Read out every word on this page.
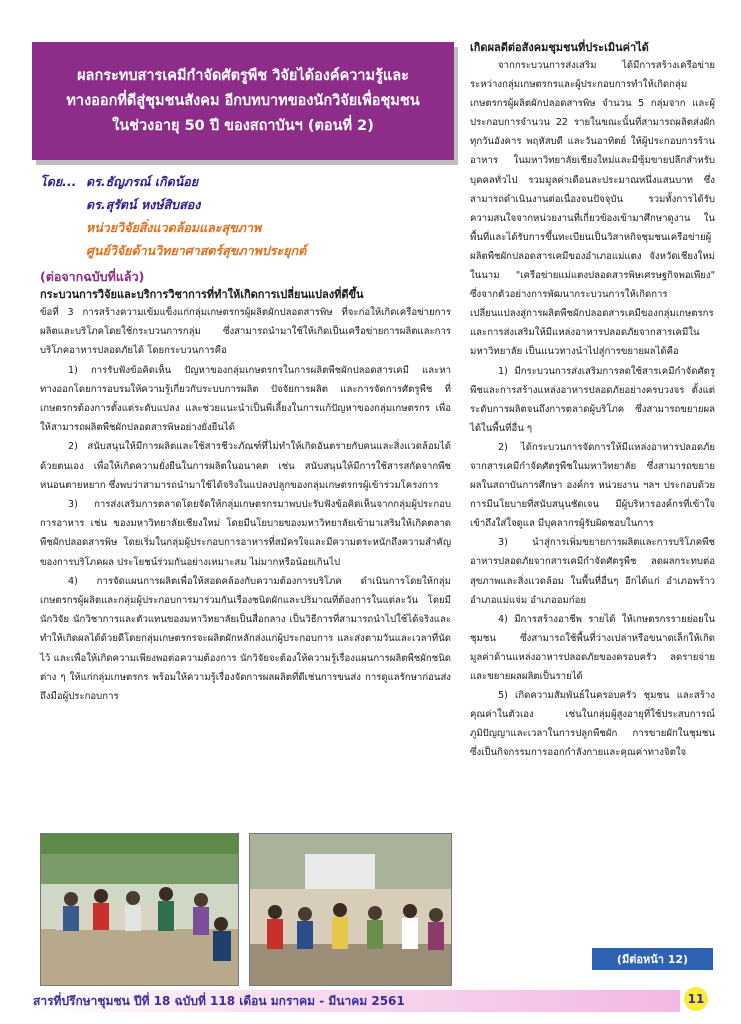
ผลกระทบสารเคมีกำจัดศัตรูพืช วิจัยได้องค์ความรู้และ
ทางออกที่ดีสู่ชุมชนสังคม อีกบทบาทของนักวิจัยเพื่อชุมชน
ในช่วงอายุ 50 ปี ของสถาบันฯ (ตอนที่ 2)
โดย... ดร.ธัญภรณ์ เกิดน้อย
ดร.สุรัตน์ หงษ์สิบสอง
หน่วยวิจัยสิ่งแวดล้อมและสุขภาพ
ศูนย์วิจัยด้านวิทยาศาสตร์สุขภาพประยุกต์
(ต่อจากฉบับที่แล้ว)
กระบวนการวิจัยและบริการวิชาการที่ทำให้เกิดการเปลี่ยนแปลงที่ดีขึ้น

ข้อที่ 3 การสร้างความเข้มแข็งแก่กลุ่มเกษตรกรผู้ผลิตผักปลอดสารพิษ ที่จะก่อให้เกิดเครือข่ายการผลิตและบริโภคโดยใช้กระบวนการกลุ่ม ซึ่งสามารถนำมาใช้ให้เกิดเป็นเครือข่ายการผลิตและการบริโภคอาหารปลอดภัยได้ โดยกระบวนการคือ

1) การรับฟังข้อคิดเห็น ปัญหาของกลุ่มเกษตรกรในการผลิตพืชผักปลอดสารเคมี และหาทางออกโดยการอบรมให้ความรู้เกี่ยวกับระบบการผลิต ปัจจัยการผลิต และการจัดการศัตรูพืช ที่เกษตรกรต้องการตั้งแต่ระดับแปลง และช่วยแนะนำเป็นพี่เลี้ยงในการแก้ปัญหาของกลุ่มเกษตรกร เพื่อให้สามารถผลิตพืชผักปลอดสารพิษอย่างยั่งยืนได้

2) สนับสนุนให้มีการผลิตและใช้สารชีวะภัณฑ์ที่ไม่ทำให้เกิดอันตรายกับคนและสิ่งแวดล้อมได้ด้วยตนเอง เพื่อให้เกิดความยั่งยืนในการผลิตในอนาคต เช่น สนับสนุนให้มีการใช้สารสกัดจากพืชหนอนตายหยาก ซึ่งพบว่าสามารถนำมาใช้ได้จริงในแปลงปลูกของกลุ่มเกษตรกรผู้เข้าร่วมโครงการ

3) การส่งเสริมการตลาดโดยจัดให้กลุ่มเกษตรกรมาพบปะรับฟังข้อคิดเห็นจากกลุ่มผู้ประกอบการอาหาร เช่น ของมหาวิทยาลัยเชียงใหม่ โดยมีนโยบายของมหาวิทยาลัยเข้ามาเสริมให้เกิดตลาดพืชผักปลอดสารพิษ โดยเริ่มในกลุ่มผู้ประกอบการอาหารที่สมัครใจและมีความตระหนักถึงความสำคัญของการบริโภคผล ประโยชน์ร่วมกันอย่างเหมาะสม ไม่มากหรือน้อยเกินไป

4) การจัดแผนการผลิตเพื่อให้สอดคล้องกับความต้องการบริโภค ดำเนินการโดยให้กลุ่มเกษตรกรผู้ผลิตและกลุ่มผู้ประกอบการมาร่วมกันเรื่องชนิดผักและปริมาณที่ต้องการในแต่ละวัน โดยมีนักวิจัย นักวิชาการและตัวแทนของมหาวิทยาลัยเป็นสื่อกลาง เป็นวิธีการที่สามารถนำไปใช้ได้จริงและ ทำให้เกิดผลได้ด้วยดีโดยกลุ่มเกษตรกรจะผลิตผักหลักส่งแก่ผู้ประกอบการ และส่งตามวันและเวลาที่นัดไว้ และเพื่อให้เกิดความเพียงพอต่อความต้องการ นักวิจัยจะต้องให้ความรู้เรื่องแผนการผลิตพืชผักชนิดต่าง ๆ ให้แก่กลุ่มเกษตรกร พร้อมให้ความรู้เรื่องจัดการผลผลิตที่ดีเช่นการขนส่ง การดูแลรักษาก่อนส่งถึงมือผู้ประกอบการ

เกิดผลดีต่อสังคมชุมชนที่ประเมินค่าได้

จากกระบวนการส่งเสริม ได้มีการสร้างเครือข่ายระหว่างกลุ่มเกษตรกรและผู้ประกอบการทำให้เกิดกลุ่มเกษตรกรผู้ผลิตผักปลอดสารพิษ จำนวน 5 กลุ่มจาก และผู้ประกอบการจำนวน 22 รายในขณะนั้นที่สามารถผลิตส่งผักทุกวันอังคาร พฤหัสบดี และวันอาทิตย์ ให้ผู้ประกอบการร้านอาหาร ในมหาวิทยาลัยเชียงใหม่และมีซุ้มขายปลีกสำหรับบุคคลทั่วไป รวมมูลค่าเดือนละประมาณหนึ่งแสนบาท ซึ่งสามารถดำเนินงานต่อเนื่องจนปัจจุบัน รวมทั้งการได้รับความสนใจจากหน่วยงานที่เกี่ยวข้องเข้ามาศึกษาดูงาน ในพื้นที่และได้รับการขึ้นทะเบียนเป็นวิสาหกิจชุมชนเครือข่ายผู้ผลิตพืชผักปลอดสารเคมีของอำเภอแม่แตง จังหวัดเชียงใหม่ในนาม "เครือข่ายแม่แตงปลอดสารพิษเศรษฐกิจพอเพียง" ซึ่งจากตัวอย่างการพัฒนากระบวนการให้เกิดการเปลี่ยนแปลงสู่การผลิตพืชผักปลอดสารเคมีของกลุ่มเกษตรกรและการส่งเสริมให้มีแหล่งอาหารปลอดภัยจากสารเคมีในมหาวิทยาลัย เป็นแนวทางนำไปสู่การขยายผลได้คือ

1) มีกระบวนการส่งเสริมการลดใช้สารเคมีกำจัดศัตรูพืชและการสร้างแหล่งอาหารปลอดภัยอย่างครบวงจร ตั้งแต่ระดับการผลิตจนถึงการตลาดผู้บริโภค ซึ่งสามารถขยายผลได้ในพื้นที่อื่น ๆ

2) ได้กระบวนการจัดการให้มีแหล่งอาหารปลอดภัยจากสารเคมีกำจัดศัตรูพืชในมหาวิทยาลัย ซึ่งสามารถขยายผลในสถาบันการศึกษา องค์กร หน่วยงาน ฯลฯ ประกอบด้วยการมีนโยบายที่สนับสนุนชัดเจน มีผู้บริหารองค์กรที่เข้าใจเข้าถึงใส่ใจดูแล มีบุคลากรผู้รับผิดชอบในการ

3) นำสู่การเพิ่มขยายการผลิตและการบริโภคพืชอาหารปลอดภัยจากสารเคมีกำจัดศัตรูพืช ลดผลกระทบต่อสุขภาพและสิ่งแวดล้อม ในพื้นที่อื่นๆ อีกได้แก่ อำเภอพร้าว อำเภอแม่แจ่ม อำเภออมก๋อย

4) มีการสร้างอาชีพ รายได้ ให้เกษตรกรรายย่อยในชุมชน ซึ่งสามารถใช้พื้นที่ว่างเปล่าหรือขนาดเล็กให้เกิดมูลค่าด้านแหล่งอาหารปลอดภัยของครอบครัว ลดรายจ่ายและขยายผลผลิตเป็นรายได้

5) เกิดความสัมพันธ์ในครอบครัว ชุมชน และสร้างคุณค่าในตัวเอง เช่นในกลุ่มผู้สูงอายุที่ใช้ประสบการณ์ ภูมิปัญญาและเวลาในการปลูกพืชผัก การขายผักในชุมชน ซึ่งเป็นกิจกรรมการออกกำลังกายและคุณค่าทางจิตใจ

(มีต่อหน้า 12)
สารที่ปรึกษาชุมชน ปีที่ 18 ฉบับที่ 118 เดือน มกราคม - มีนาคม 2561	11
